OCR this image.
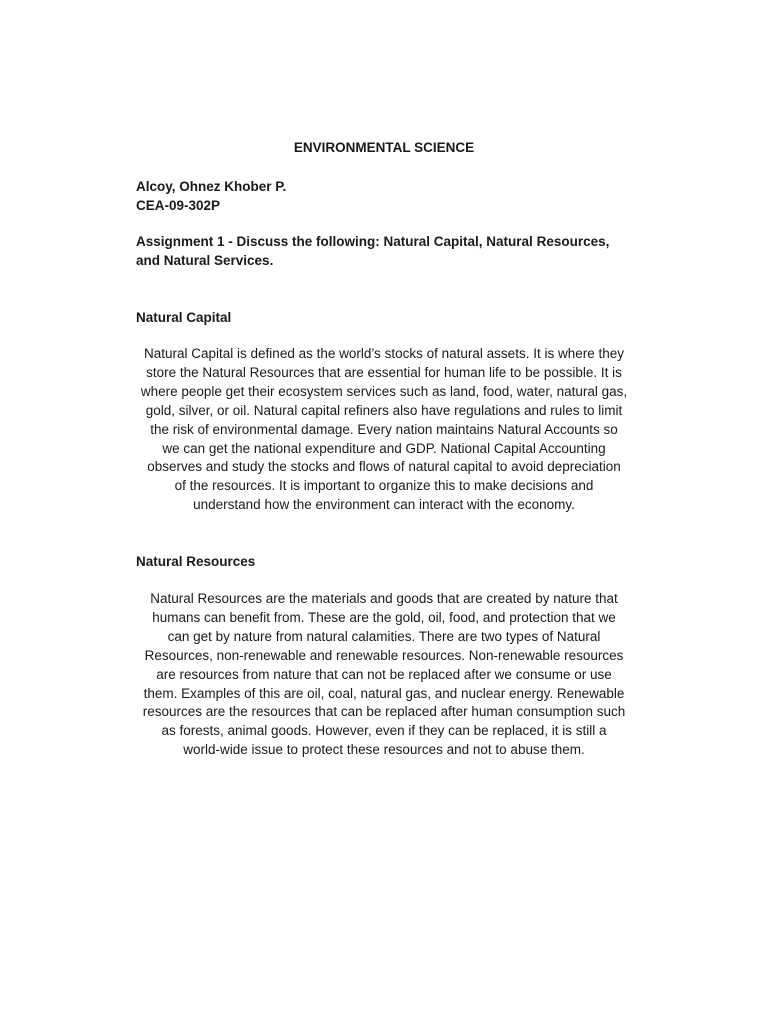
ENVIRONMENTAL SCIENCE
Alcoy, Ohnez Khober P.
CEA-09-302P
Assignment 1 - Discuss the following: Natural Capital, Natural Resources,
and Natural Services.
Natural Capital

Natural Capital is defined as the world’s stocks of natural assets. It is where they
store the Natural Resources that are essential for human life to be possible. It is
where people get their ecosystem services such as land, food, water, natural gas,
gold, silver, or oil. Natural capital refiners also have regulations and rules to limit
the risk of environmental damage. Every nation maintains Natural Accounts so
we can get the national expenditure and GDP. National Capital Accounting
observes and study the stocks and flows of natural capital to avoid depreciation
of the resources. It is important to organize this to make decisions and
understand how the environment can interact with the economy.

Natural Resources

Natural Resources are the materials and goods that are created by nature that
humans can benefit from. These are the gold, oil, food, and protection that we
can get by nature from natural calamities. There are two types of Natural
Resources, non-renewable and renewable resources. Non-renewable resources
are resources from nature that can not be replaced after we consume or use
them. Examples of this are oil, coal, natural gas, and nuclear energy. Renewable
resources are the resources that can be replaced after human consumption such
as forests, animal goods. However, even if they can be replaced, it is still a
world-wide issue to protect these resources and not to abuse them.
